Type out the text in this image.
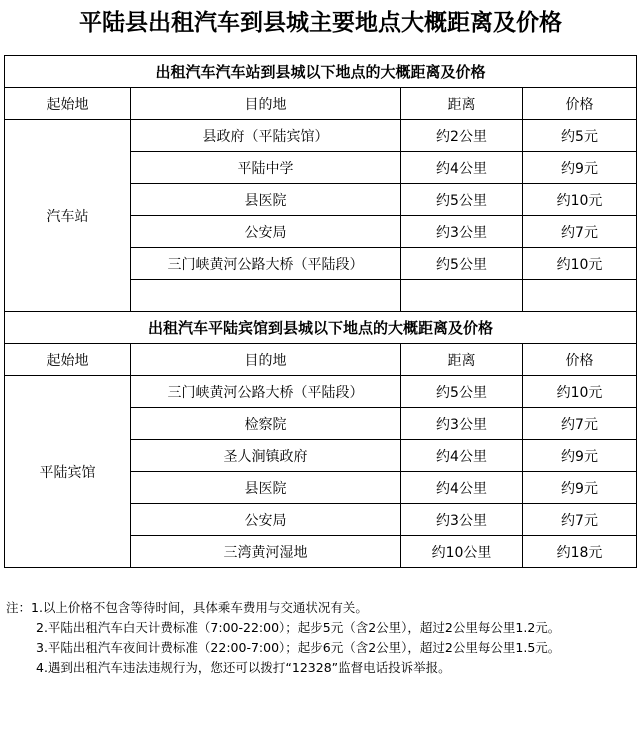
平陆县出租汽车到县城主要地点大概距离及价格
出租汽车汽车站到县城以下地点的大概距离及价格			
起始地	目的地	距离	价格
汽车站	县政府（平陆宾馆）	约2公里	约5元
	平陆中学	约4公里	约9元
	县医院	约5公里	约10元
	公安局	约3公里	约7元
	三门峡黄河公路大桥（平陆段）	约5公里	约10元

出租汽车平陆宾馆到县城以下地点的大概距离及价格			
起始地	目的地	距离	价格
平陆宾馆	三门峡黄河公路大桥（平陆段）	约5公里	约10元
	检察院	约3公里	约7元
	圣人涧镇政府	约4公里	约9元
	县医院	约4公里	约9元
	公安局	约3公里	约7元
	三湾黄河湿地	约10公里	约18元
注：1.以上价格不包含等待时间，具体乘车费用与交通状况有关。
2.平陆出租汽车白天计费标准（7:00-22:00）；起步5元（含2公里），超过2公里每公里1.2元。
3.平陆出租汽车夜间计费标准（22:00-7:00）；起步6元（含2公里），超过2公里每公里1.5元。
4.遇到出租汽车违法违规行为，您还可以拨打“12328”监督电话投诉举报。
